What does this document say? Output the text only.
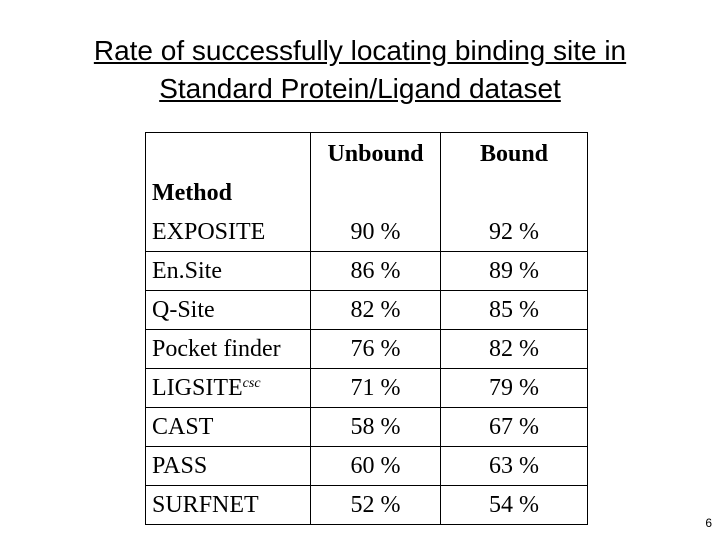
Rate of successfully locating binding site in
Standard Protein/Ligand dataset
Method	Unbound	Bound
EXPOSITE	90 %	92 %
En.Site	86 %	89 %
Q-Site	82 %	85 %
Pocket finder	76 %	82 %
$LIGSITE^{csc}$	71 %	79 %
CAST	58 %	67 %
PASS	60 %	63 %
SURFNET	52 %	54 %
6
